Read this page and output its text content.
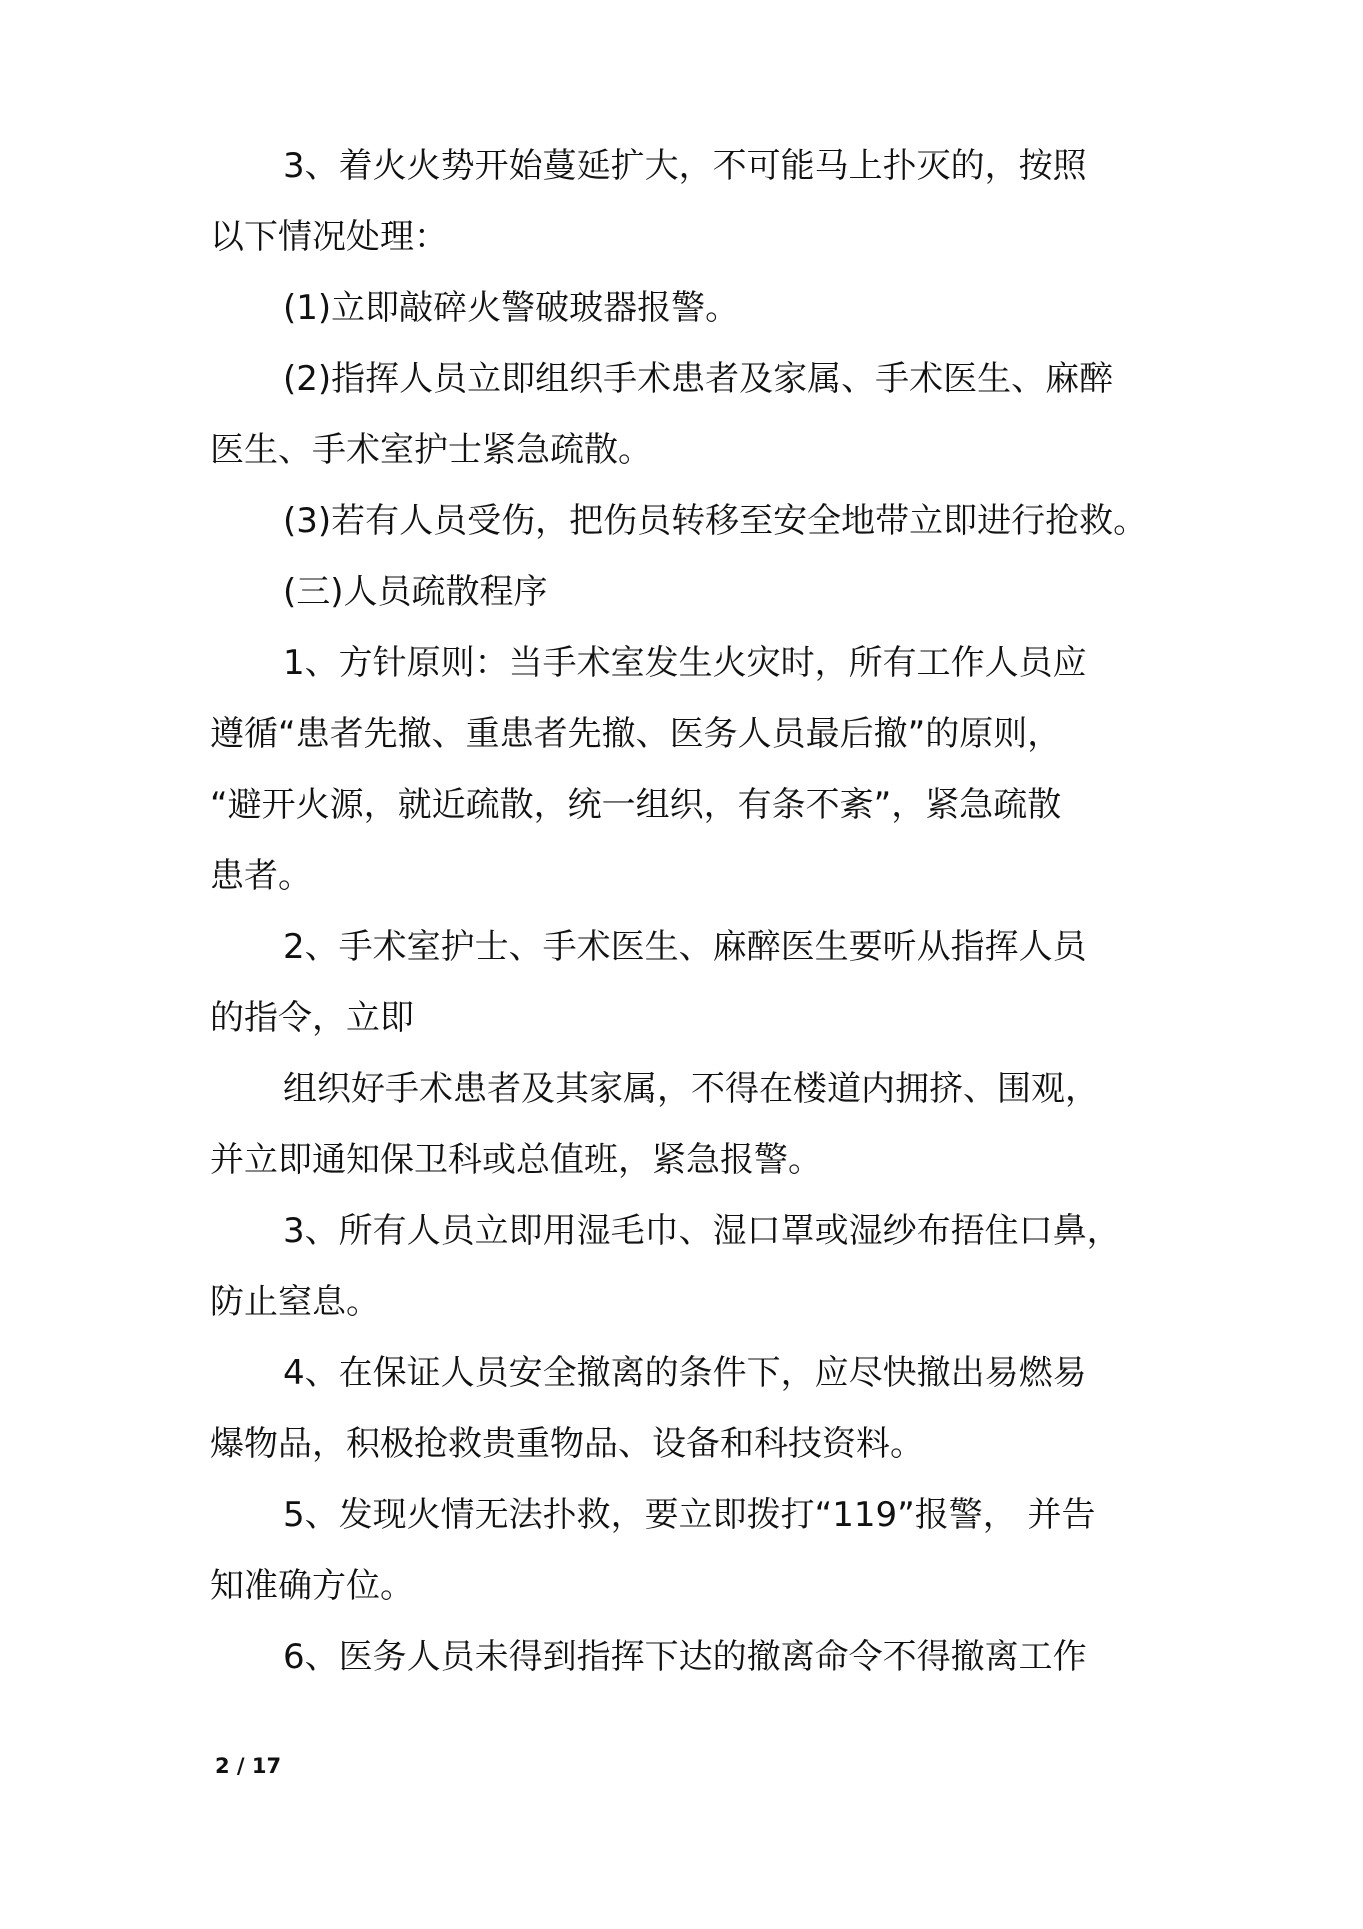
3、着火火势开始蔓延扩大，不可能马上扑灭的，按照
以下情况处理：
(1)立即敲碎火警破玻器报警。
(2)指挥人员立即组织手术患者及家属、手术医生、麻醉
医生、手术室护士紧急疏散。
(3)若有人员受伤，把伤员转移至安全地带立即进行抢救。
(三)人员疏散程序
1、方针原则：当手术室发生火灾时，所有工作人员应
遵循“患者先撤、重患者先撤、医务人员最后撤”的原则，
“避开火源，就近疏散，统一组织，有条不紊”，紧急疏散
患者。
2、手术室护士、手术医生、麻醉医生要听从指挥人员
的指令，立即
组织好手术患者及其家属，不得在楼道内拥挤、围观，
并立即通知保卫科或总值班，紧急报警。
3、所有人员立即用湿毛巾、湿口罩或湿纱布捂住口鼻，
防止窒息。
4、在保证人员安全撤离的条件下，应尽快撤出易燃易
爆物品，积极抢救贵重物品、设备和科技资料。
5、发现火情无法扑救，要立即拨打“119”报警， 并告
知准确方位。
6、医务人员未得到指挥下达的撤离命令不得撤离工作
2 / 17
